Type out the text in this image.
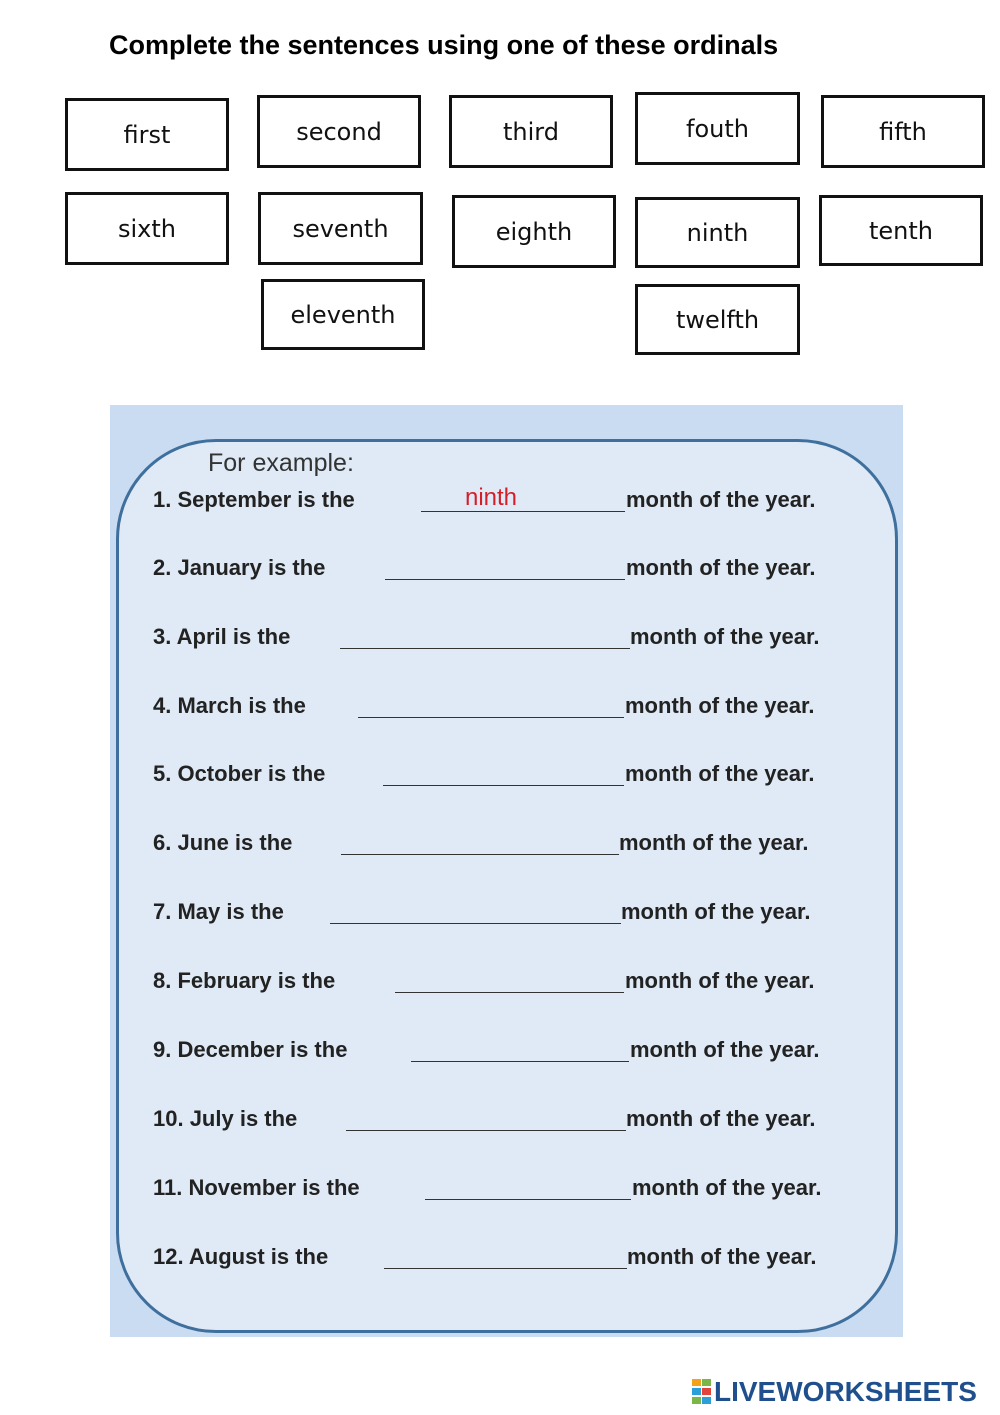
Complete the sentences using one of these ordinals
first	second	third	fouth	fifth
sixth	seventh	eighth	ninth	tenth
eleventh	twelfth
For example:
1. September is the	ninth	month of the year.
2. January is the	month of the year.
3. April is the	month of the year.
4. March is the	month of the year.
5. October is the	month of the year.
6. June is the	month of the year.
7. May is the	month of the year.
8. February is the	month of the year.
9. December is the	month of the year.
10. July is the	month of the year.
11. November is the	month of the year.
12. August is the	month of the year.
LIVEWORKSHEETS
